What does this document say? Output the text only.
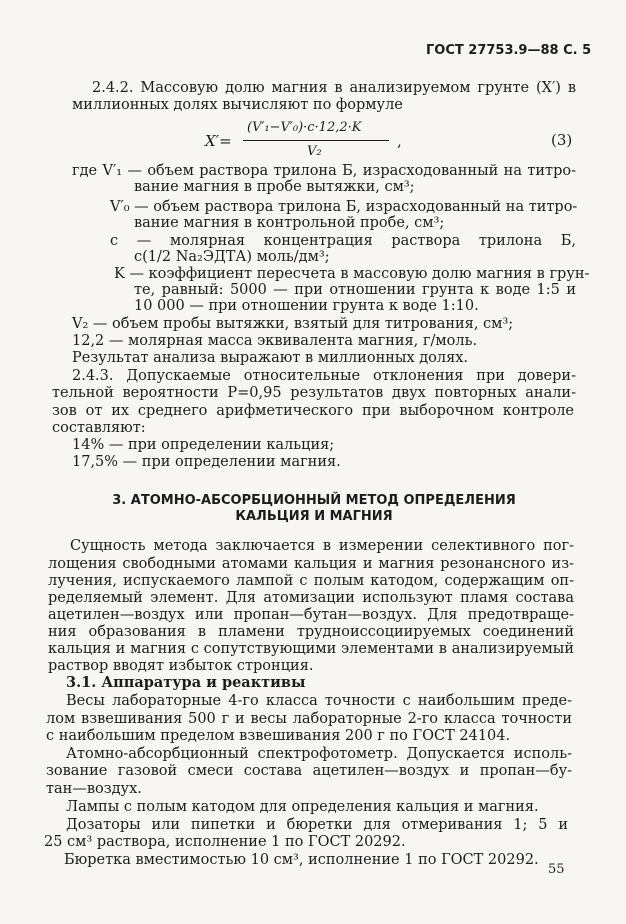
ГОСТ 27753.9—88 С. 5
2.4.2. Массовую долю магния в анализируемом грунте (X′) в
миллионных долях вычисляют по формуле
X′=
(V′₁−V′₀)·c·12,2·K
V₂
,	(3)
где V′₁ — объем раствора трилона Б, израсходованный на титро-
вание магния в пробе вытяжки, см³;
V′₀ — объем раствора трилона Б, израсходованный на титро-
вание магния в контрольной пробе, см³;
c — молярная концентрация раствора трилона Б,
c(1/2 Na₂ЭДТА) моль/дм³;
K — коэффициент пересчета в массовую долю магния в грун-
те, равный: 5000 — при отношении грунта к воде 1:5 и
10 000 — при отношении грунта к воде 1:10.
V₂ — объем пробы вытяжки, взятый для титрования, см³;
12,2 — молярная масса эквивалента магния, г/моль.
Результат анализа выражают в миллионных долях.
2.4.3. Допускаемые относительные отклонения при довери-
тельной вероятности P=0,95 результатов двух повторных анали-
зов от их среднего арифметического при выборочном контроле
составляют:
14% — при определении кальция;
17,5% — при определении магния.
3. АТОМНО-АБСОРБЦИОННЫЙ МЕТОД ОПРЕДЕЛЕНИЯ
КАЛЬЦИЯ И МАГНИЯ
Сущность метода заключается в измерении селективного пог-
лощения свободными атомами кальция и магния резонансного из-
лучения, испускаемого лампой с полым катодом, содержащим оп-
ределяемый элемент. Для атомизации используют пламя состава
ацетилен—воздух или пропан—бутан—воздух. Для предотвраще-
ния образования в пламени трудноиссоциируемых соединений
кальция и магния с сопутствующими элементами в анализируемый
раствор вводят избыток стронция.
3.1. Аппаратура и реактивы
Весы лабораторные 4-го класса точности с наибольшим преде-
лом взвешивания 500 г и весы лабораторные 2-го класса точности
с наибольшим пределом взвешивания 200 г по ГОСТ 24104.
Атомно-абсорбционный спектрофотометр. Допускается исполь-
зование газовой смеси состава ацетилен—воздух и пропан—бу-
тан—воздух.
Лампы с полым катодом для определения кальция и магния.
Дозаторы или пипетки и бюретки для отмеривания 1; 5 и
25 см³ раствора, исполнение 1 по ГОСТ 20292.
Бюретка вместимостью 10 см³, исполнение 1 по ГОСТ 20292.
55
